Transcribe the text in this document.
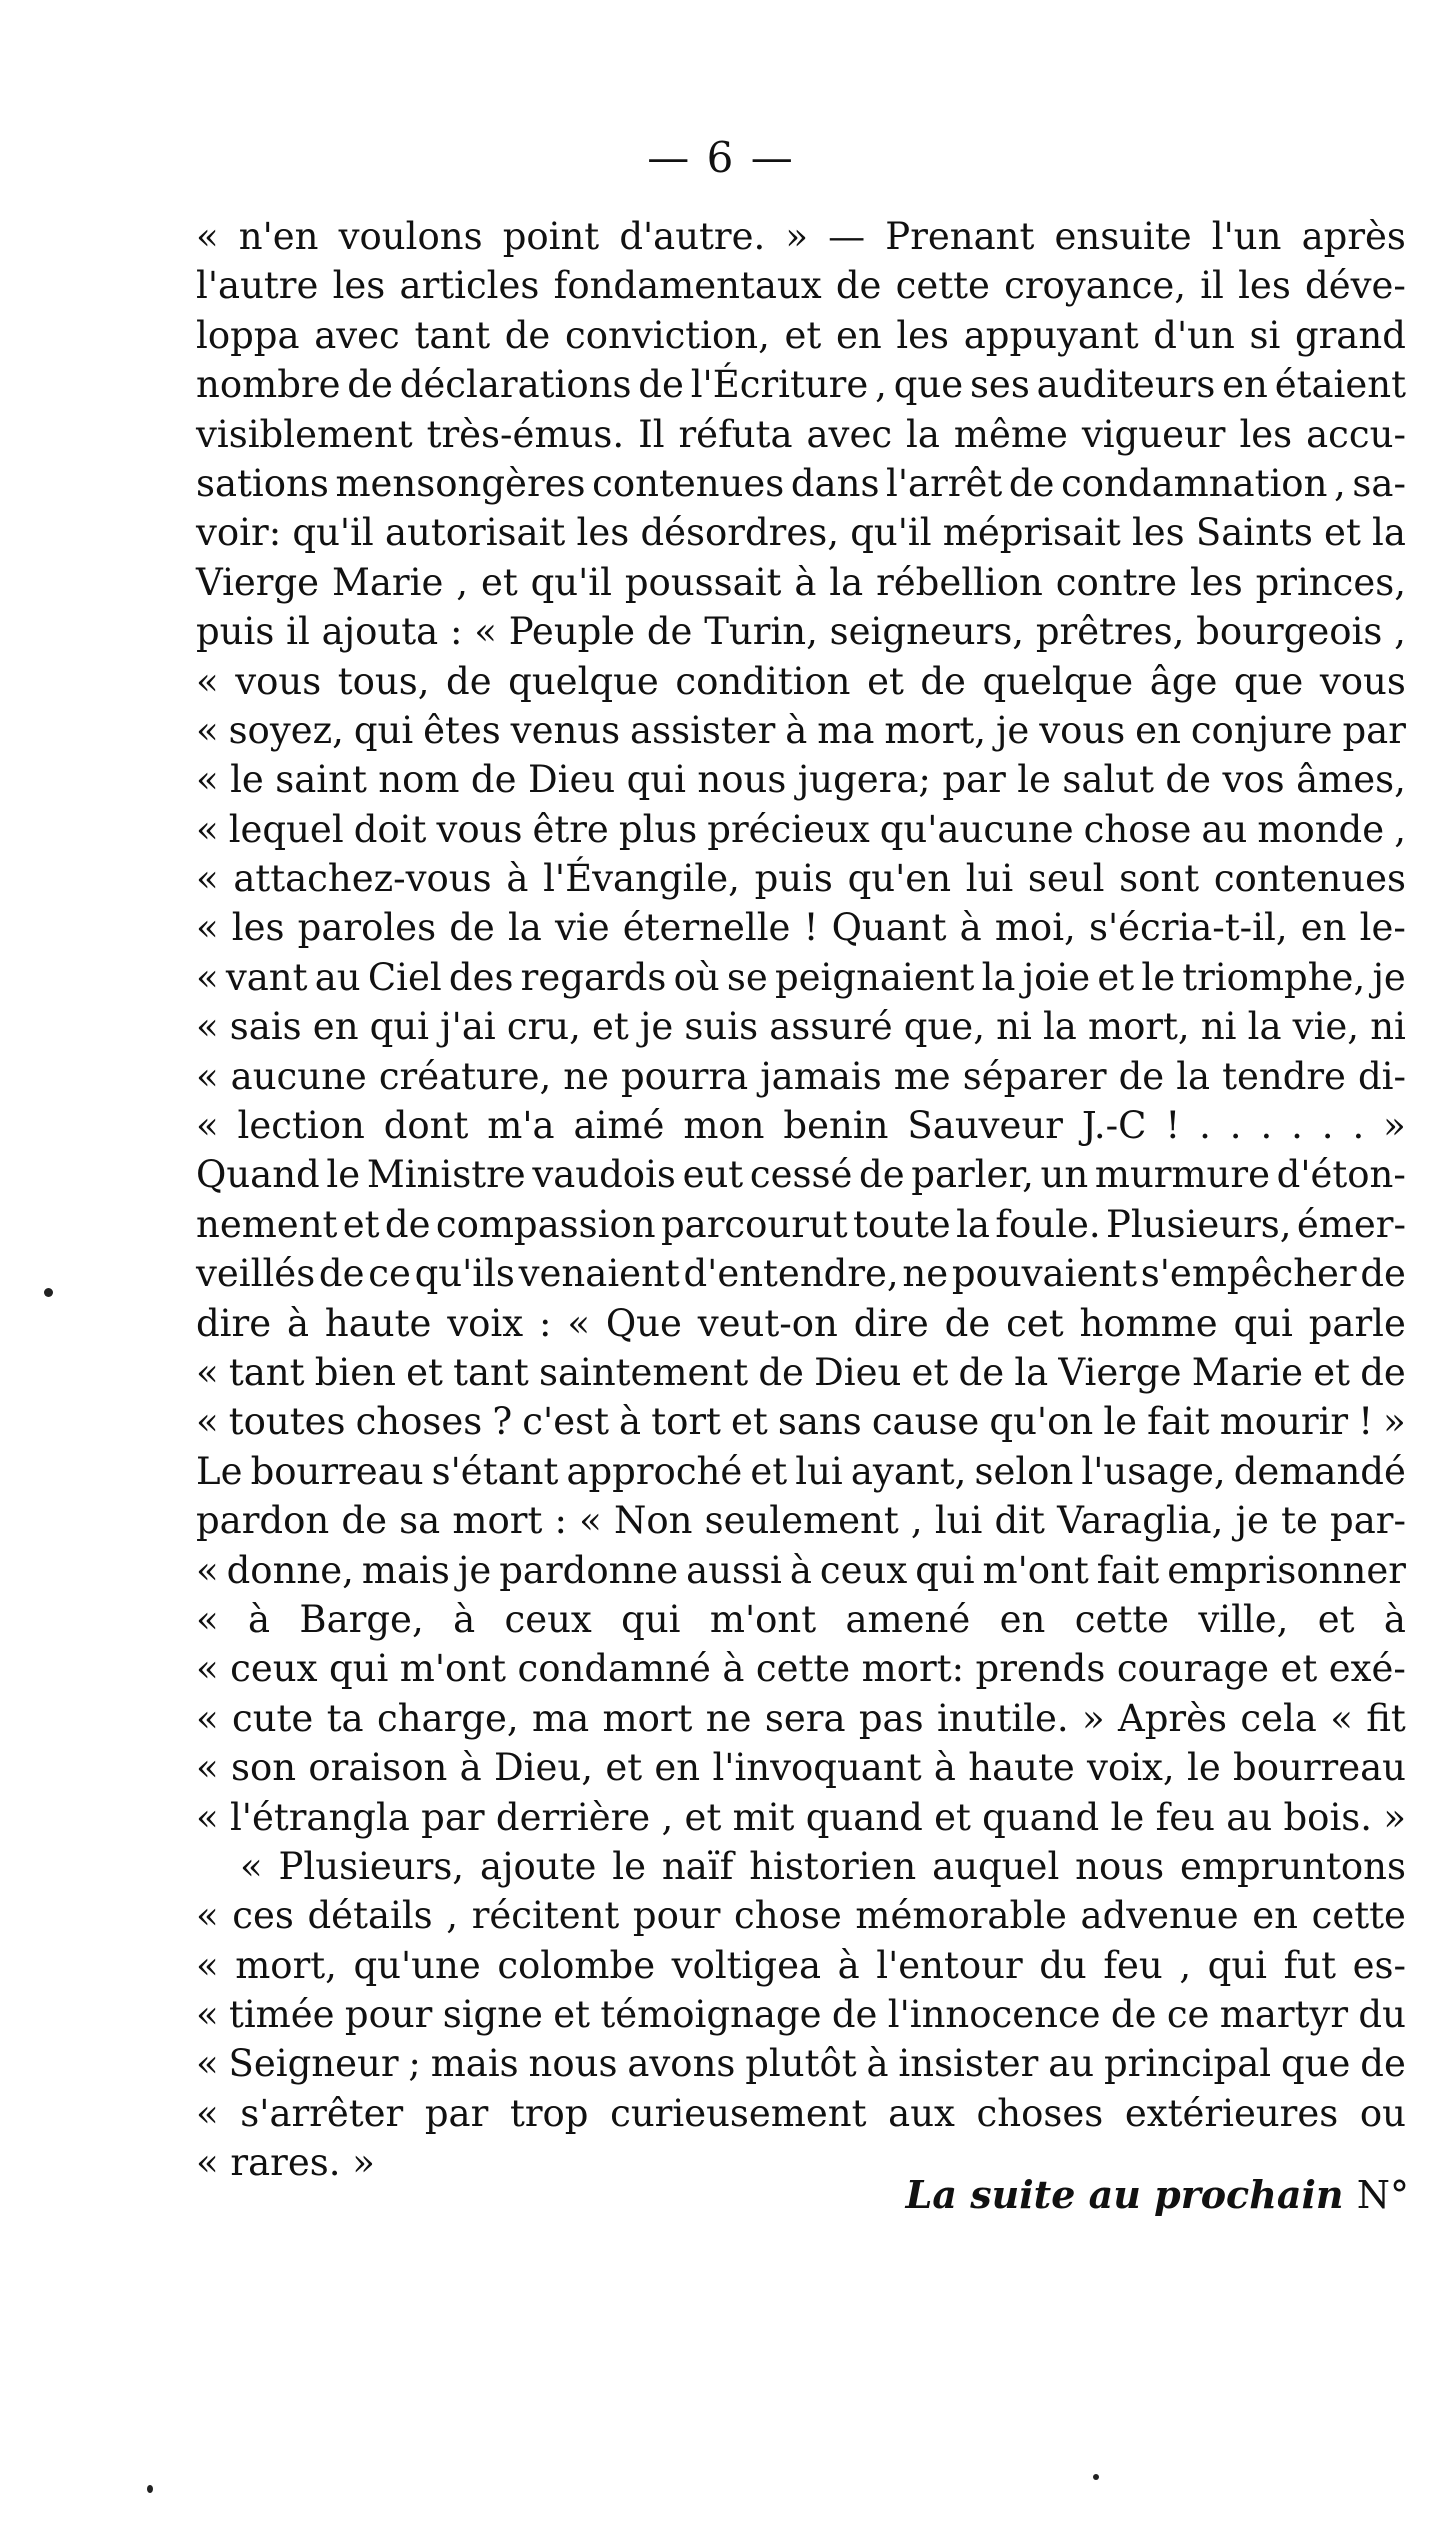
— 6 —
« n'en voulons point d'autre. » — Prenant ensuite l'un après
l'autre les articles fondamentaux de cette croyance, il les déve-
loppa avec tant de conviction, et en les appuyant d'un si grand
nombre de déclarations de l'Écriture , que ses auditeurs en étaient
visiblement très-émus. Il réfuta avec la même vigueur les accu-
sations mensongères contenues dans l'arrêt de condamnation , sa-
voir: qu'il autorisait les désordres, qu'il méprisait les Saints et la
Vierge Marie , et qu'il poussait à la rébellion contre les princes,
puis il ajouta : « Peuple de Turin, seigneurs, prêtres, bourgeois ,
« vous tous, de quelque condition et de quelque âge que vous
« soyez, qui êtes venus assister à ma mort, je vous en conjure par
« le saint nom de Dieu qui nous jugera; par le salut de vos âmes,
« lequel doit vous être plus précieux qu'aucune chose au monde ,
« attachez-vous à l'Évangile, puis qu'en lui seul sont contenues
« les paroles de la vie éternelle ! Quant à moi, s'écria-t-il, en le-
« vant au Ciel des regards où se peignaient la joie et le triomphe, je
« sais en qui j'ai cru, et je suis assuré que, ni la mort, ni la vie, ni
« aucune créature, ne pourra jamais me séparer de la tendre di-
« lection dont m'a aimé mon benin Sauveur J.-C ! . . . . . . »
Quand le Ministre vaudois eut cessé de parler, un murmure d'éton-
nement et de compassion parcourut toute la foule. Plusieurs, émer-
veillés de ce qu'ils venaient d'entendre, ne pouvaient s'empêcher de
dire à haute voix : « Que veut-on dire de cet homme qui parle
« tant bien et tant saintement de Dieu et de la Vierge Marie et de
« toutes choses ? c'est à tort et sans cause qu'on le fait mourir ! »
Le bourreau s'étant approché et lui ayant, selon l'usage, demandé
pardon de sa mort : « Non seulement , lui dit Varaglia, je te par-
« donne, mais je pardonne aussi à ceux qui m'ont fait emprisonner
« à Barge, à ceux qui m'ont amené en cette ville, et à
« ceux qui m'ont condamné à cette mort: prends courage et exé-
« cute ta charge, ma mort ne sera pas inutile. » Après cela « fit
« son oraison à Dieu, et en l'invoquant à haute voix, le bourreau
« l'étrangla par derrière , et mit quand et quand le feu au bois. »
« Plusieurs, ajoute le naïf historien auquel nous empruntons
« ces détails , récitent pour chose mémorable advenue en cette
« mort, qu'une colombe voltigea à l'entour du feu , qui fut es-
« timée pour signe et témoignage de l'innocence de ce martyr du
« Seigneur ; mais nous avons plutôt à insister au principal que de
« s'arrêter par trop curieusement aux choses extérieures ou
« rares. »
La suite au prochain N°
